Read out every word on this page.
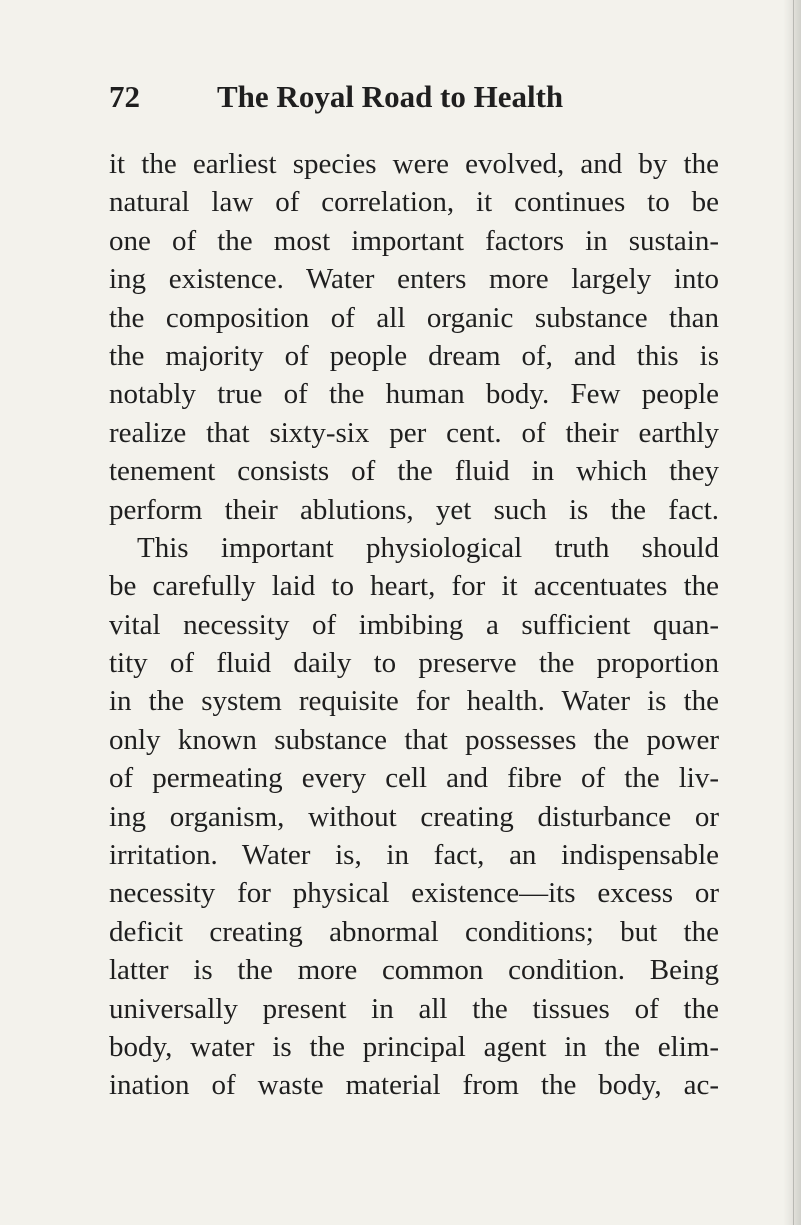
72 The Royal Road to Health
it the earliest species were evolved, and by the
natural law of correlation, it continues to be
one of the most important factors in sustain-
ing existence. Water enters more largely into
the composition of all organic substance than
the majority of people dream of, and this is
notably true of the human body. Few people
realize that sixty-six per cent. of their earthly
tenement consists of the fluid in which they
perform their ablutions, yet such is the fact.
This important physiological truth should
be carefully laid to heart, for it accentuates the
vital necessity of imbibing a sufficient quan-
tity of fluid daily to preserve the proportion
in the system requisite for health. Water is the
only known substance that possesses the power
of permeating every cell and fibre of the liv-
ing organism, without creating disturbance or
irritation. Water is, in fact, an indispensable
necessity for physical existence—its excess or
deficit creating abnormal conditions; but the
latter is the more common condition. Being
universally present in all the tissues of the
body, water is the principal agent in the elim-
ination of waste material from the body, ac-
